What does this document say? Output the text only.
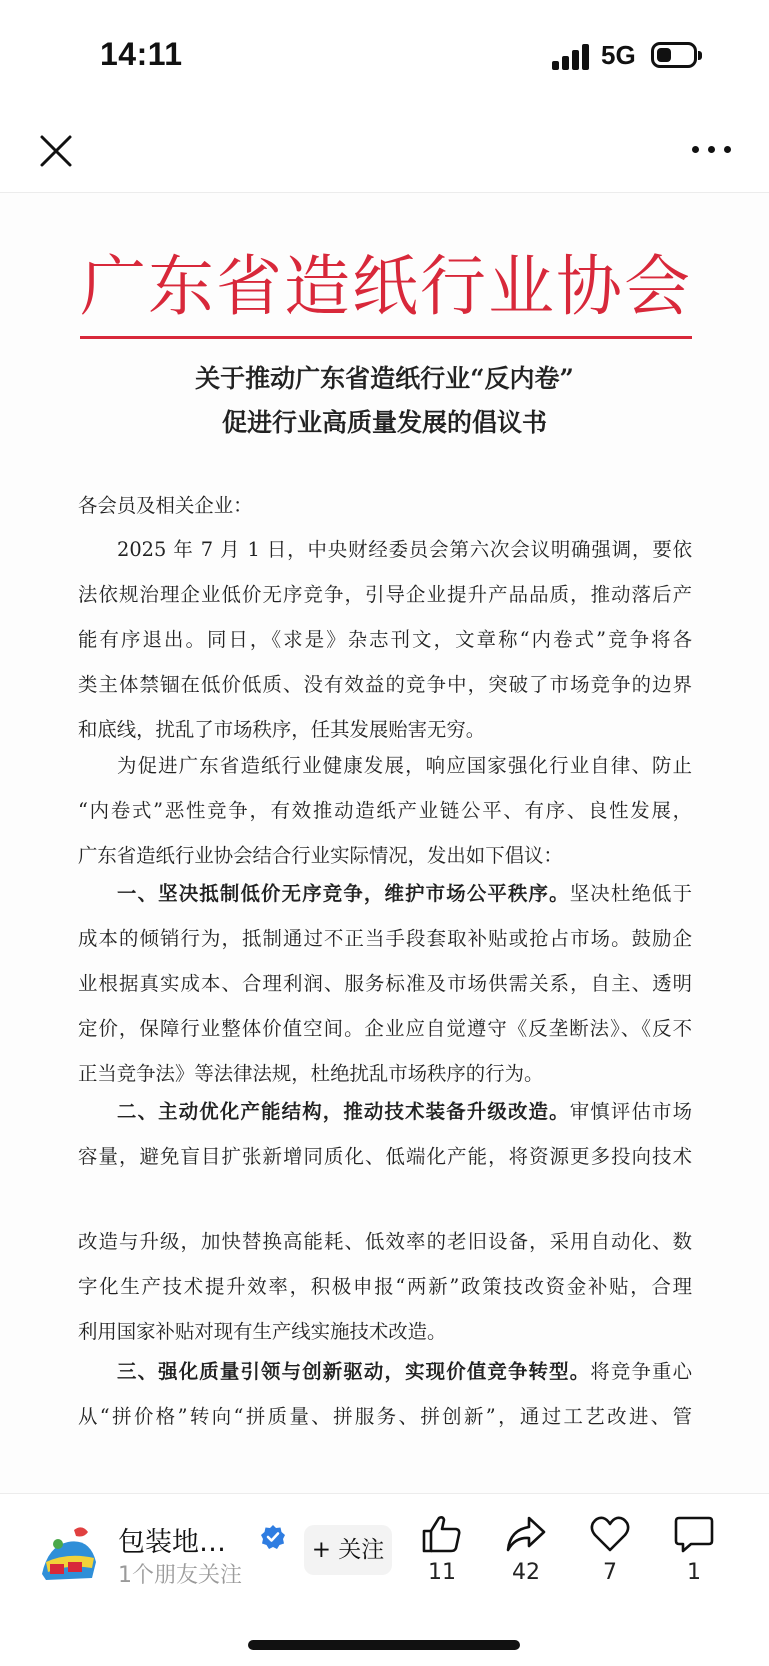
14:11	5G
广东省造纸行业协会
关于推动广东省造纸行业“反内卷”
促进行业高质量发展的倡议书
各会员及相关企业：
2025 年 7 月 1 日，中央财经委员会第六次会议明确强调，要依
法依规治理企业低价无序竞争，引导企业提升产品品质，推动落后产
能有序退出。同日，《求是》杂志刊文，文章称“内卷式”竞争将各
类主体禁锢在低价低质、没有效益的竞争中，突破了市场竞争的边界
和底线，扰乱了市场秩序，任其发展贻害无穷。
为促进广东省造纸行业健康发展，响应国家强化行业自律、防止
“内卷式”恶性竞争，有效推动造纸产业链公平、有序、良性发展，
广东省造纸行业协会结合行业实际情况，发出如下倡议：
一、坚决抵制低价无序竞争，维护市场公平秩序。坚决杜绝低于
成本的倾销行为，抵制通过不正当手段套取补贴或抢占市场。鼓励企
业根据真实成本、合理利润、服务标准及市场供需关系，自主、透明
定价，保障行业整体价值空间。企业应自觉遵守《反垄断法》、《反不
正当竞争法》等法律法规，杜绝扰乱市场秩序的行为。
二、主动优化产能结构，推动技术装备升级改造。审慎评估市场
容量，避免盲目扩张新增同质化、低端化产能，将资源更多投向技术
改造与升级，加快替换高能耗、低效率的老旧设备，采用自动化、数
字化生产技术提升效率，积极申报“两新”政策技改资金补贴，合理
利用国家补贴对现有生产线实施技术改造。
三、强化质量引领与创新驱动，实现价值竞争转型。将竞争重心
从“拼价格”转向“拼质量、拼服务、拼创新”，通过工艺改进、管
包装地…
1个朋友关注
+ 关注
11	42	7	1
